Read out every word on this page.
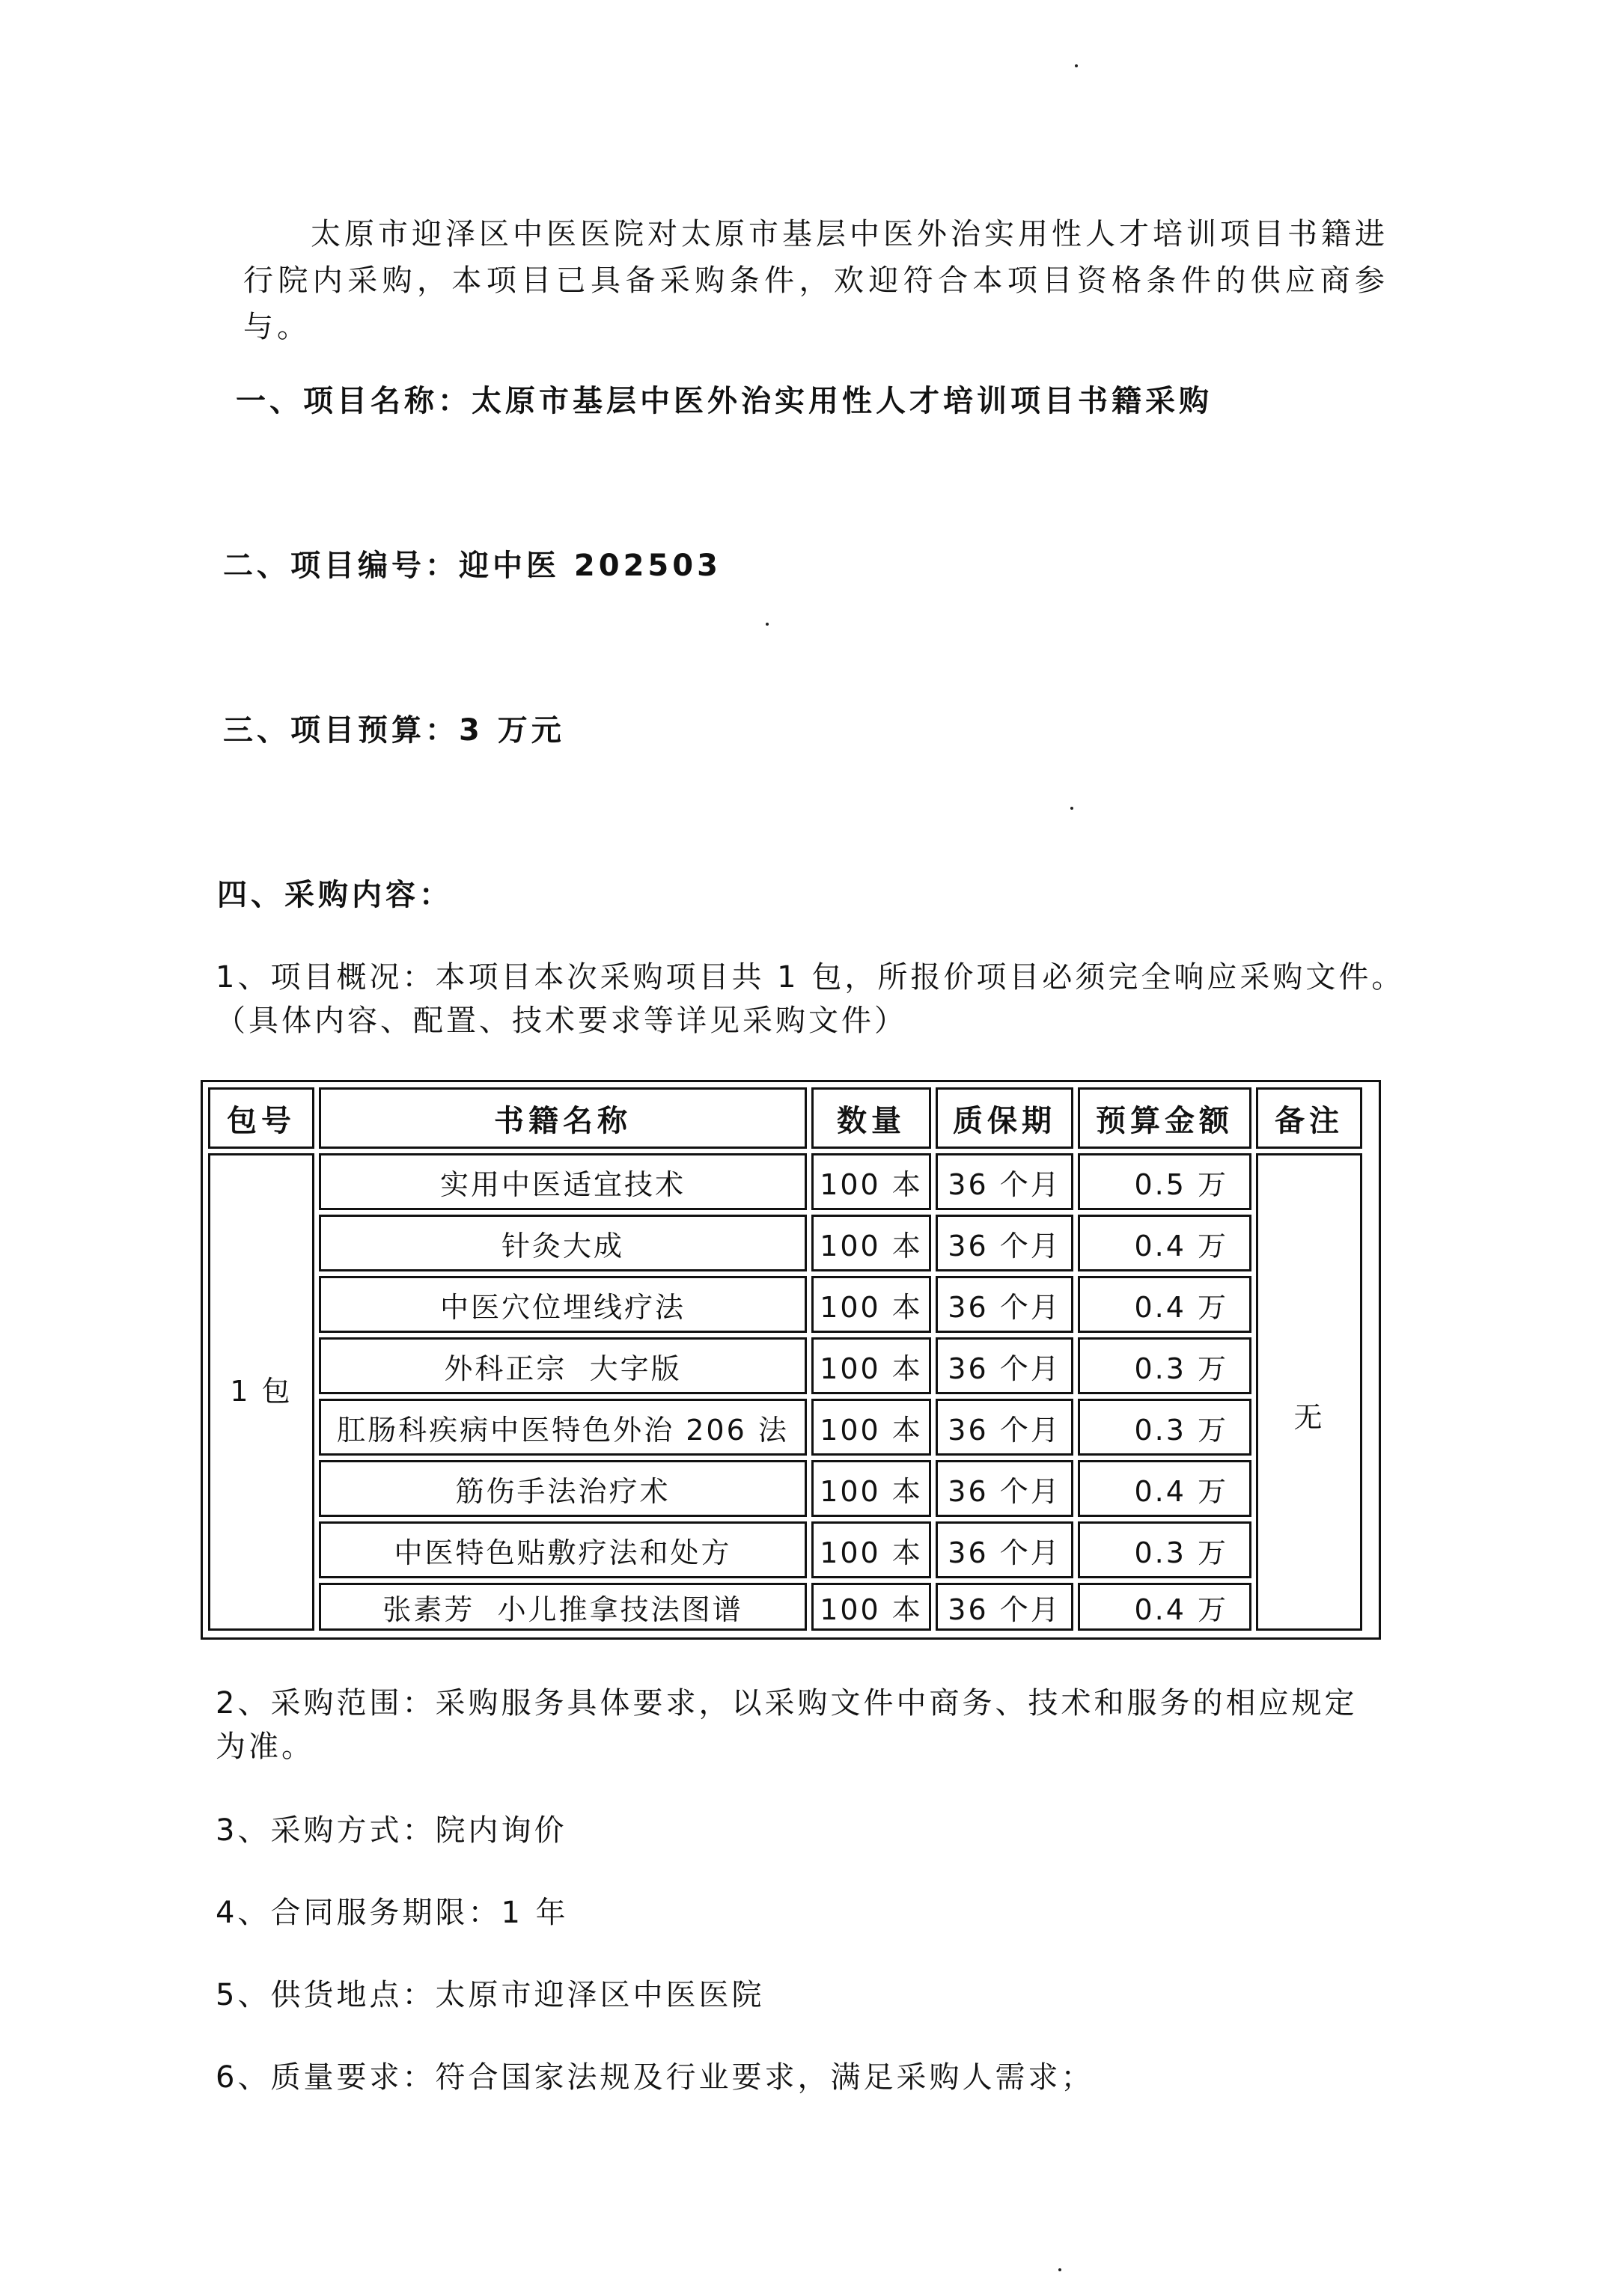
太原市迎泽区中医医院对太原市基层中医外治实用性人才培训项目书籍进行院内采购，本项目已具备采购条件，欢迎符合本项目资格条件的供应商参与。
一、项目名称：太原市基层中医外治实用性人才培训项目书籍采购
二、项目编号：迎中医 202503
三、项目预算：3 万元
四、采购内容：
1、项目概况：本项目本次采购项目共 1 包，所报价项目必须完全响应采购文件。
（具体内容、配置、技术要求等详见采购文件）
包号	书籍名称	数量	质保期	预算金额	备注
1 包
无
实用中医适宜技术	100 本 36 个月	0.5 万
针灸大成	100 本 36 个月	0.4 万
中医穴位埋线疗法	100 本 36 个月	0.4 万
外科正宗  大字版	100 本 36 个月	0.3 万
肛肠科疾病中医特色外治 206 法	100 本 36 个月	0.3 万
筋伤手法治疗术	100 本 36 个月	0.4 万
中医特色贴敷疗法和处方	100 本 36 个月	0.3 万
张素芳  小儿推拿技法图谱	100 本 36 个月	0.4 万
2、采购范围：采购服务具体要求，以采购文件中商务、技术和服务的相应规定
为准。
3、采购方式：院内询价
4、合同服务期限：1 年
5、供货地点：太原市迎泽区中医医院
6、质量要求：符合国家法规及行业要求，满足采购人需求；
